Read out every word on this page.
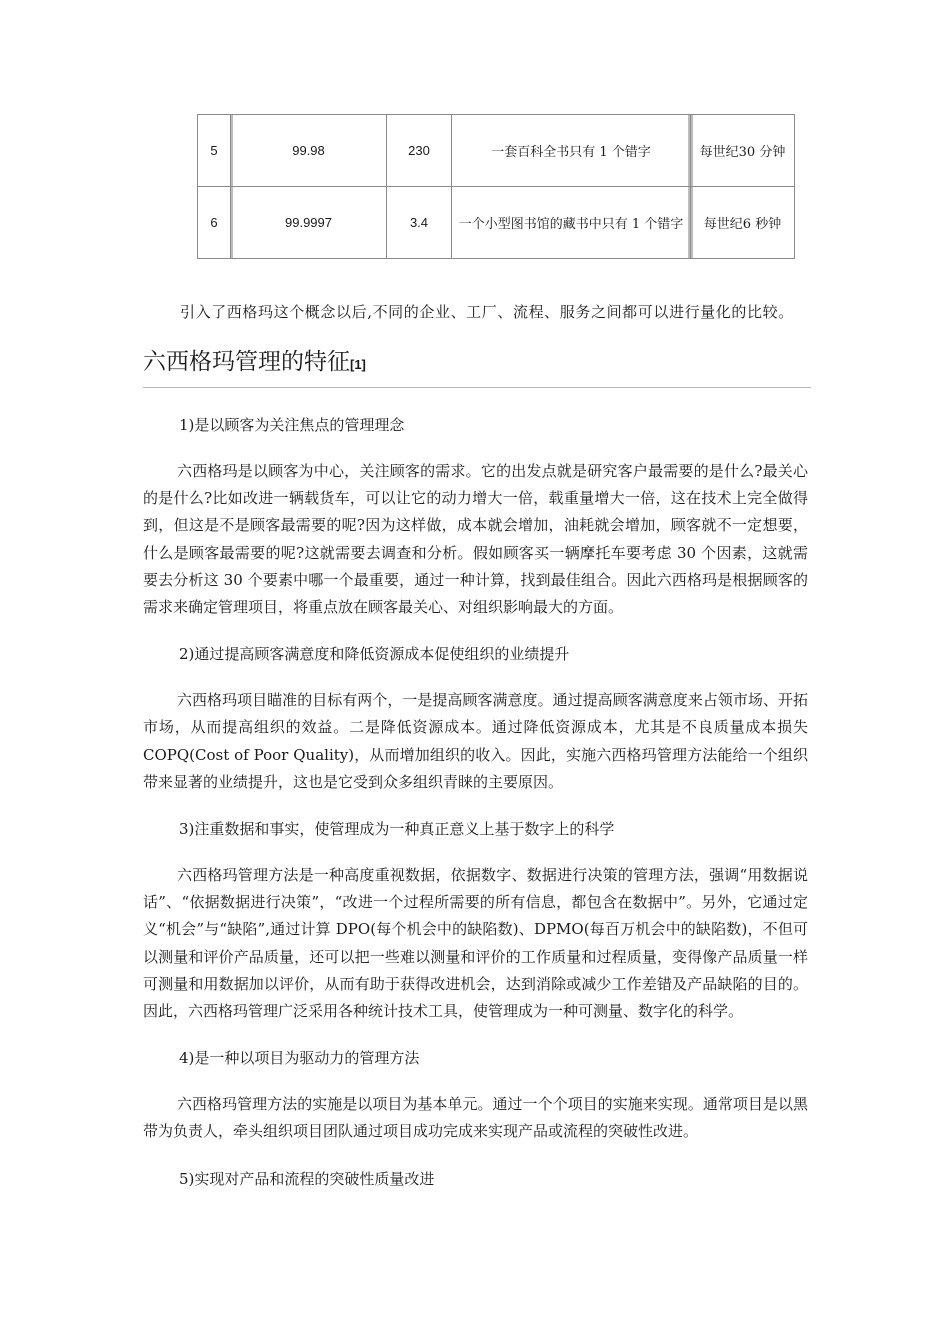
5	99.98	230	一套百科全书只有 1 个错字	每世纪30 分钟
6	99.9997	3.4	一个小型图书馆的藏书中只有 1 个错字	每世纪6 秒钟

引入了西格玛这个概念以后,不同的企业、工厂、流程、服务之间都可以进行量化的比较。

六西格玛管理的特征[1]

1)是以顾客为关注焦点的管理理念

六西格玛是以顾客为中心，关注顾客的需求。它的出发点就是研究客户最需要的是什么?最关心的是什么?比如改进一辆载货车，可以让它的动力增大一倍，载重量增大一倍，这在技术上完全做得到，但这是不是顾客最需要的呢?因为这样做，成本就会增加，油耗就会增加，顾客就不一定想要，什么是顾客最需要的呢?这就需要去调查和分析。假如顾客买一辆摩托车要考虑 30 个因素，这就需要去分析这 30 个要素中哪一个最重要，通过一种计算，找到最佳组合。因此六西格玛是根据顾客的需求来确定管理项目，将重点放在顾客最关心、对组织影响最大的方面。

2)通过提高顾客满意度和降低资源成本促使组织的业绩提升

六西格玛项目瞄准的目标有两个，一是提高顾客满意度。通过提高顾客满意度来占领市场、开拓市场，从而提高组织的效益。二是降低资源成本。通过降低资源成本，尤其是不良质量成本损失 COPQ(Cost of Poor Quality)，从而增加组织的收入。因此，实施六西格玛管理方法能给一个组织带来显著的业绩提升，这也是它受到众多组织青睐的主要原因。

3)注重数据和事实，使管理成为一种真正意义上基于数字上的科学

六西格玛管理方法是一种高度重视数据，依据数字、数据进行决策的管理方法，强调“用数据说话”、“依据数据进行决策”，“改进一个过程所需要的所有信息，都包含在数据中”。另外，它通过定义“机会”与“缺陷”,通过计算 DPO(每个机会中的缺陷数)、DPMO(每百万机会中的缺陷数)，不但可以测量和评价产品质量，还可以把一些难以测量和评价的工作质量和过程质量，变得像产品质量一样可测量和用数据加以评价，从而有助于获得改进机会，达到消除或减少工作差错及产品缺陷的目的。因此，六西格玛管理广泛采用各种统计技术工具，使管理成为一种可测量、数字化的科学。

4)是一种以项目为驱动力的管理方法

六西格玛管理方法的实施是以项目为基本单元。通过一个个项目的实施来实现。通常项目是以黑带为负责人，牵头组织项目团队通过项目成功完成来实现产品或流程的突破性改进。

5)实现对产品和流程的突破性质量改进
